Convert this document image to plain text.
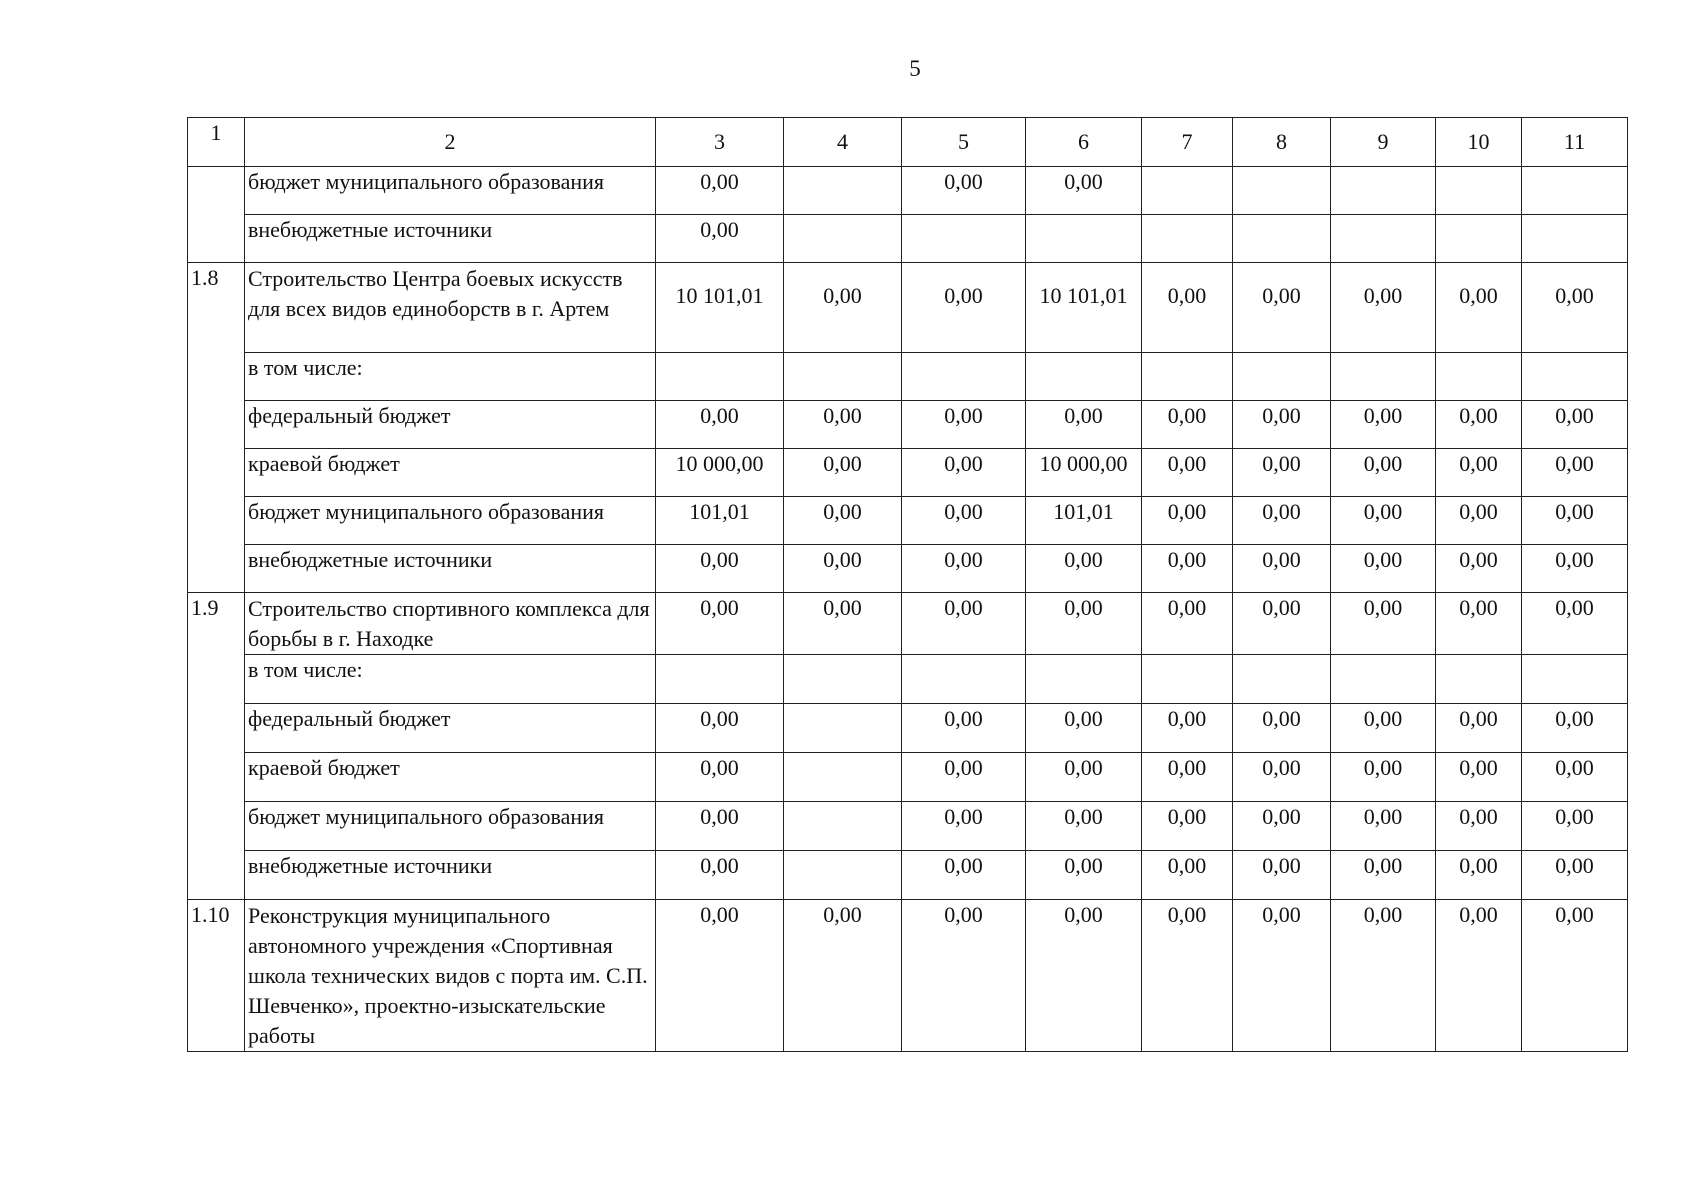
5
1	2	3	4	5	6	7	8	9	10	11
	бюджет муниципального образования	0,00		0,00	0,00					
	внебюджетные источники	0,00								
1.8	Строительство Центра боевых искусств для всех видов единоборств в г. Артем	10 101,01	0,00	0,00	10 101,01	0,00	0,00	0,00	0,00	0,00
	в том числе:									
	федеральный бюджет	0,00	0,00	0,00	0,00	0,00	0,00	0,00	0,00	0,00
	краевой бюджет	10 000,00	0,00	0,00	10 000,00	0,00	0,00	0,00	0,00	0,00
	бюджет муниципального образования	101,01	0,00	0,00	101,01	0,00	0,00	0,00	0,00	0,00
	внебюджетные источники	0,00	0,00	0,00	0,00	0,00	0,00	0,00	0,00	0,00
1.9	Строительство спортивного комплекса для борьбы в г. Находке	0,00	0,00	0,00	0,00	0,00	0,00	0,00	0,00	0,00
	в том числе:									
	федеральный бюджет	0,00		0,00	0,00	0,00	0,00	0,00	0,00	0,00
	краевой бюджет	0,00		0,00	0,00	0,00	0,00	0,00	0,00	0,00
	бюджет муниципального образования	0,00		0,00	0,00	0,00	0,00	0,00	0,00	0,00
	внебюджетные источники	0,00		0,00	0,00	0,00	0,00	0,00	0,00	0,00
1.10	Реконструкция муниципального автономного учреждения «Спортивная школа технических видов с порта им. С.П. Шевченко», проектно-изыскательские работы	0,00	0,00	0,00	0,00	0,00	0,00	0,00	0,00	0,00
